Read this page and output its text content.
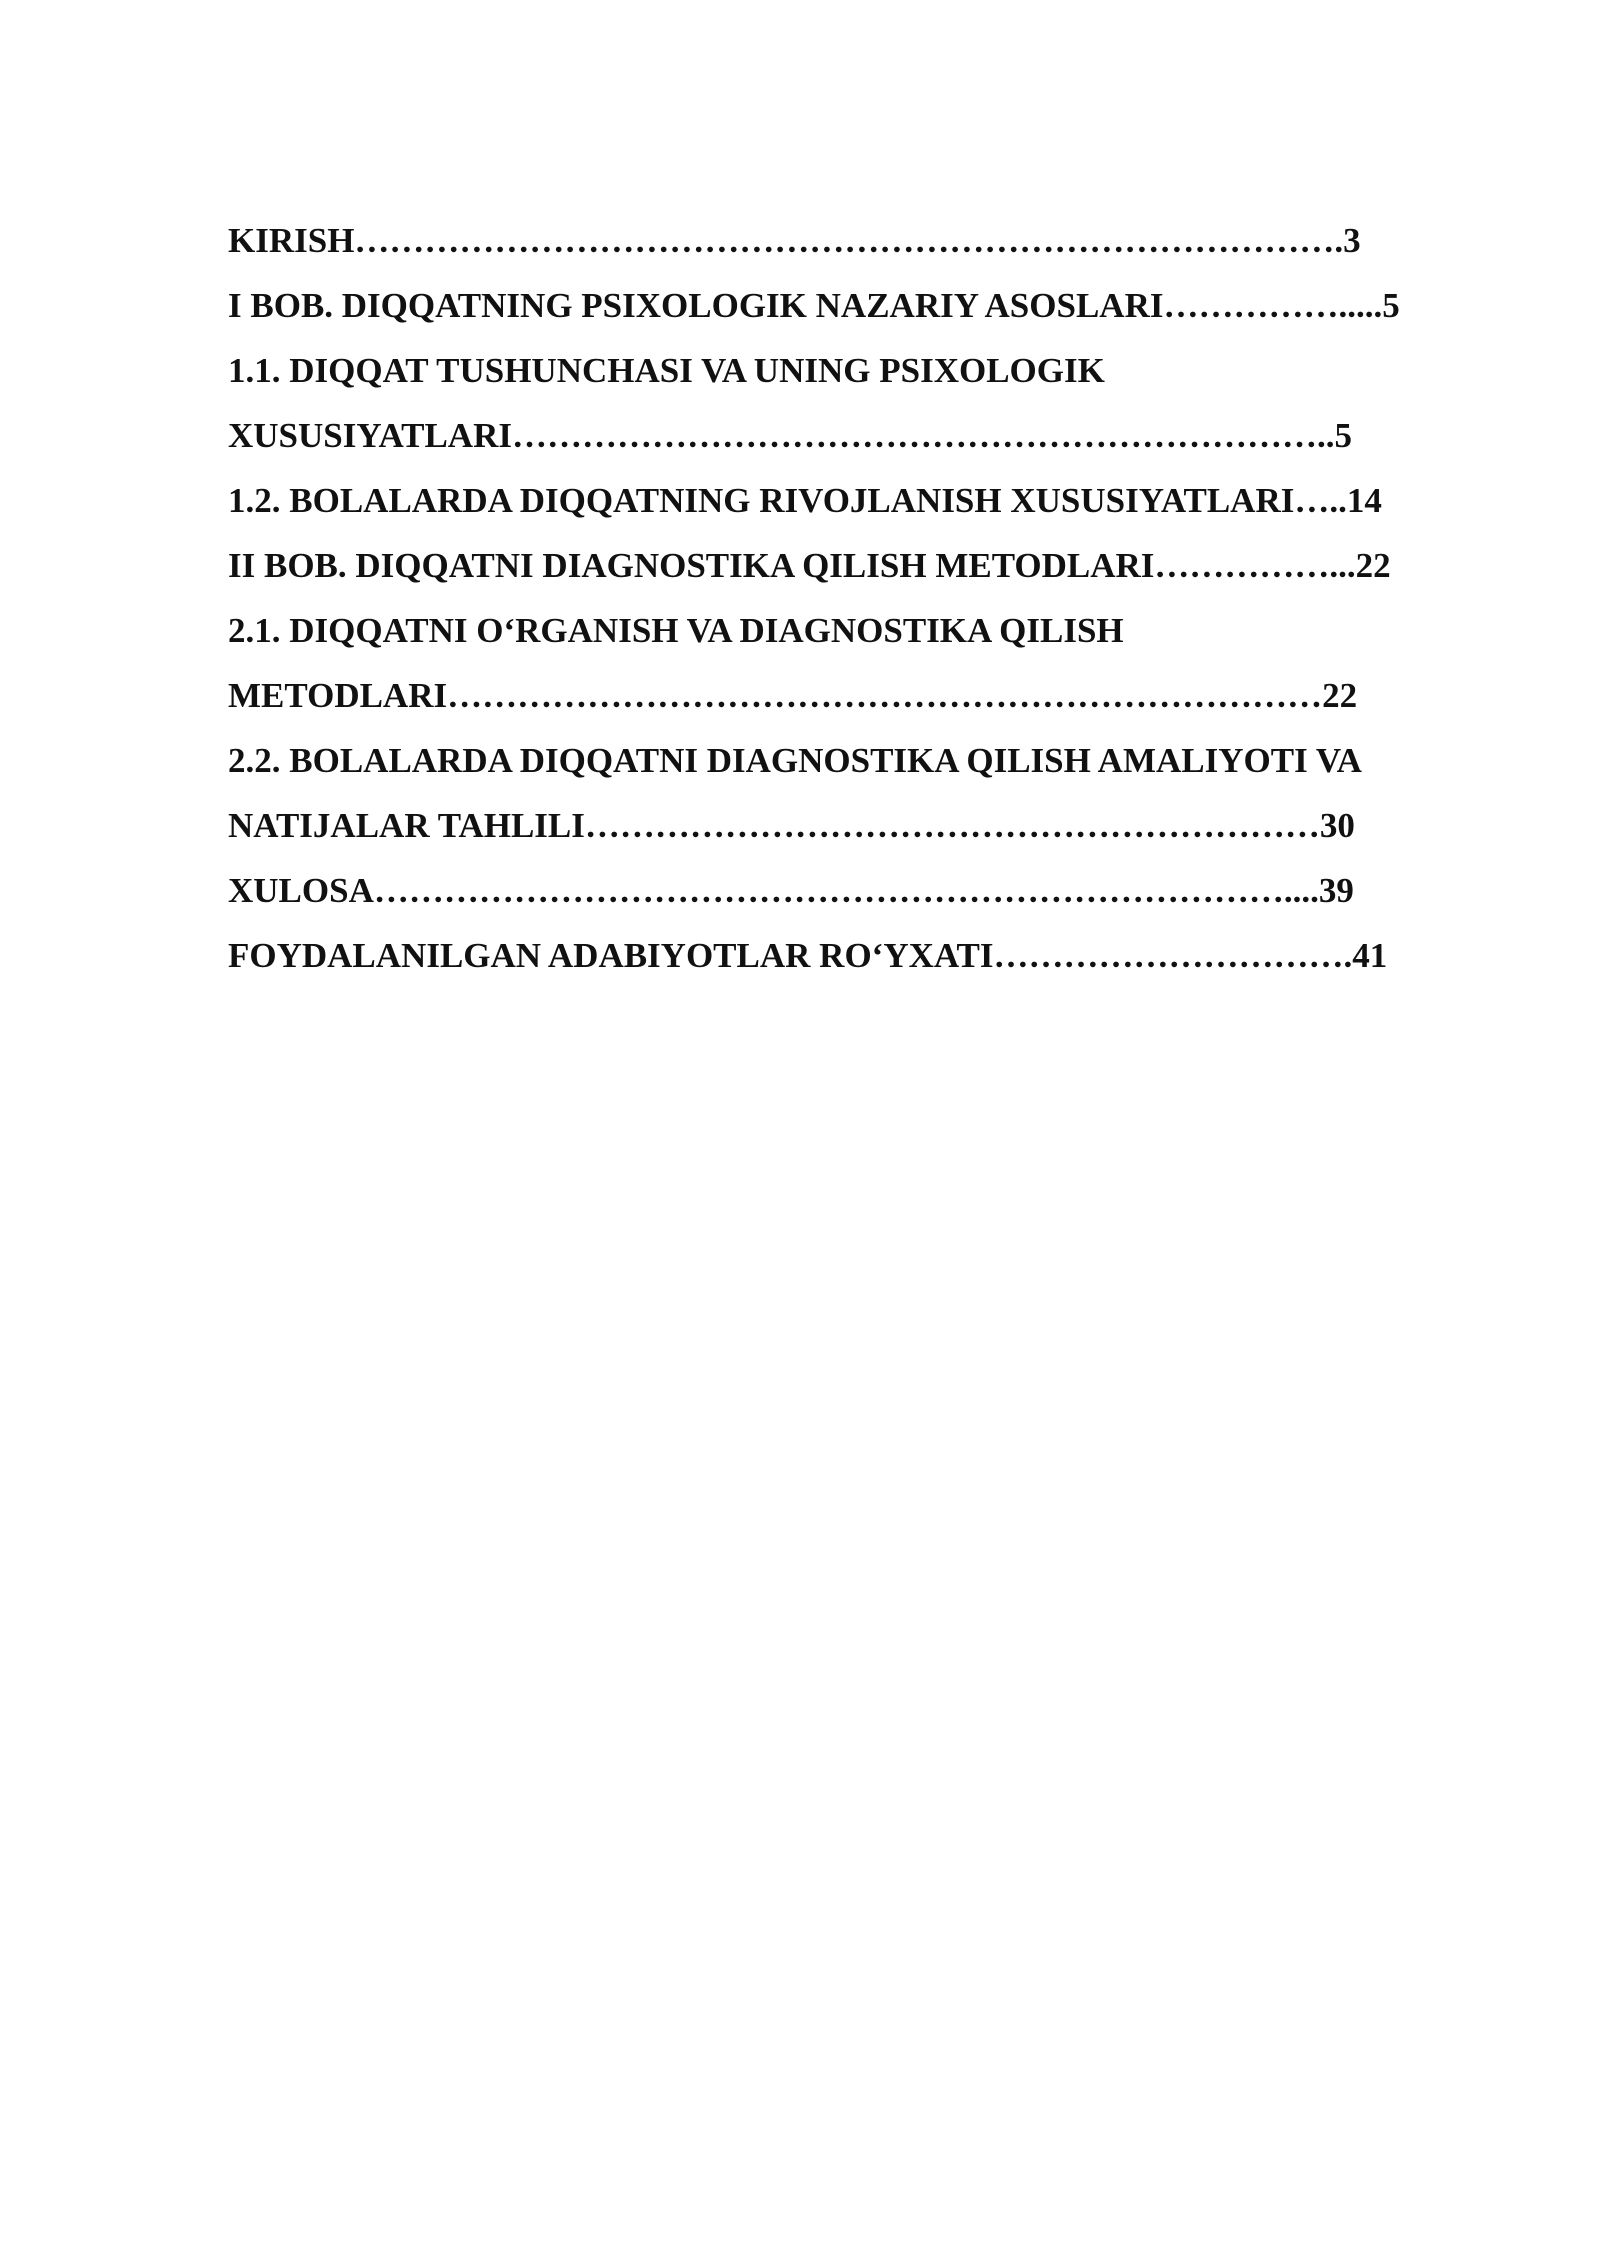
KIRISH………………………………………………………………………….3
I BOB. DIQQATNING PSIXOLOGIK NAZARIY ASOSLARI…………….....5
1.1. DIQQAT TUSHUNCHASI VA UNING PSIXOLOGIK
XUSUSIYATLARI……………………………………………………………..5
1.2. BOLALARDA DIQQATNING RIVOJLANISH XUSUSIYATLARI…..14
II BOB. DIQQATNI DIAGNOSTIKA QILISH METODLARI……………...22
2.1. DIQQATNI O‘RGANISH VA DIAGNOSTIKA QILISH
METODLARI…………………………………………………………………22
2.2. BOLALARDA DIQQATNI DIAGNOSTIKA QILISH AMALIYOTI VA
NATIJALAR TAHLILI………………………………………………………30
XULOSA……………………………………………………………………....39
FOYDALANILGAN ADABIYOTLAR RO‘YXATI………………………….41
